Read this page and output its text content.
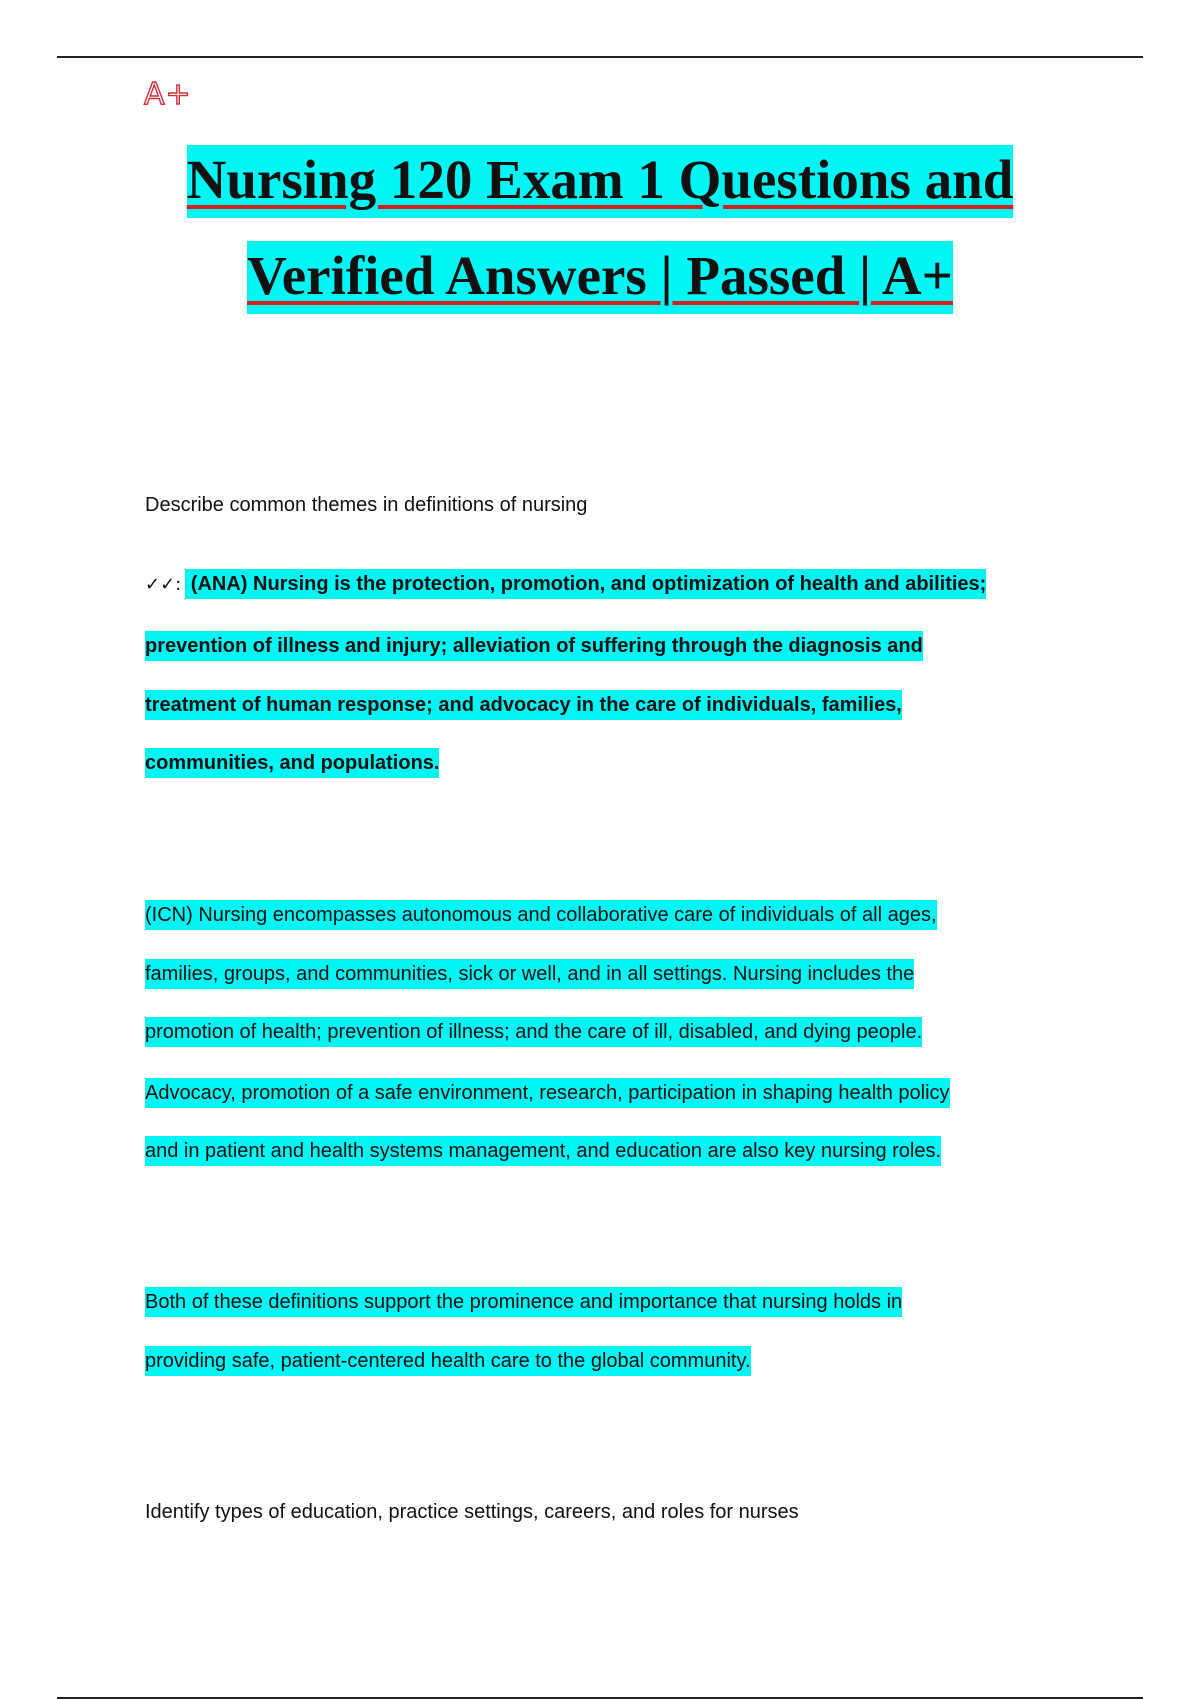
A+
Nursing 120 Exam 1 Questions and
Verified Answers | Passed | A+
Describe common themes in definitions of nursing
✓✓: (ANA) Nursing is the protection, promotion, and optimization of health and abilities;
prevention of illness and injury; alleviation of suffering through the diagnosis and
treatment of human response; and advocacy in the care of individuals, families,
communities, and populations.
(ICN) Nursing encompasses autonomous and collaborative care of individuals of all ages,
families, groups, and communities, sick or well, and in all settings. Nursing includes the
promotion of health; prevention of illness; and the care of ill, disabled, and dying people.
Advocacy, promotion of a safe environment, research, participation in shaping health policy
and in patient and health systems management, and education are also key nursing roles.
Both of these definitions support the prominence and importance that nursing holds in
providing safe, patient-centered health care to the global community.
Identify types of education, practice settings, careers, and roles for nurses
